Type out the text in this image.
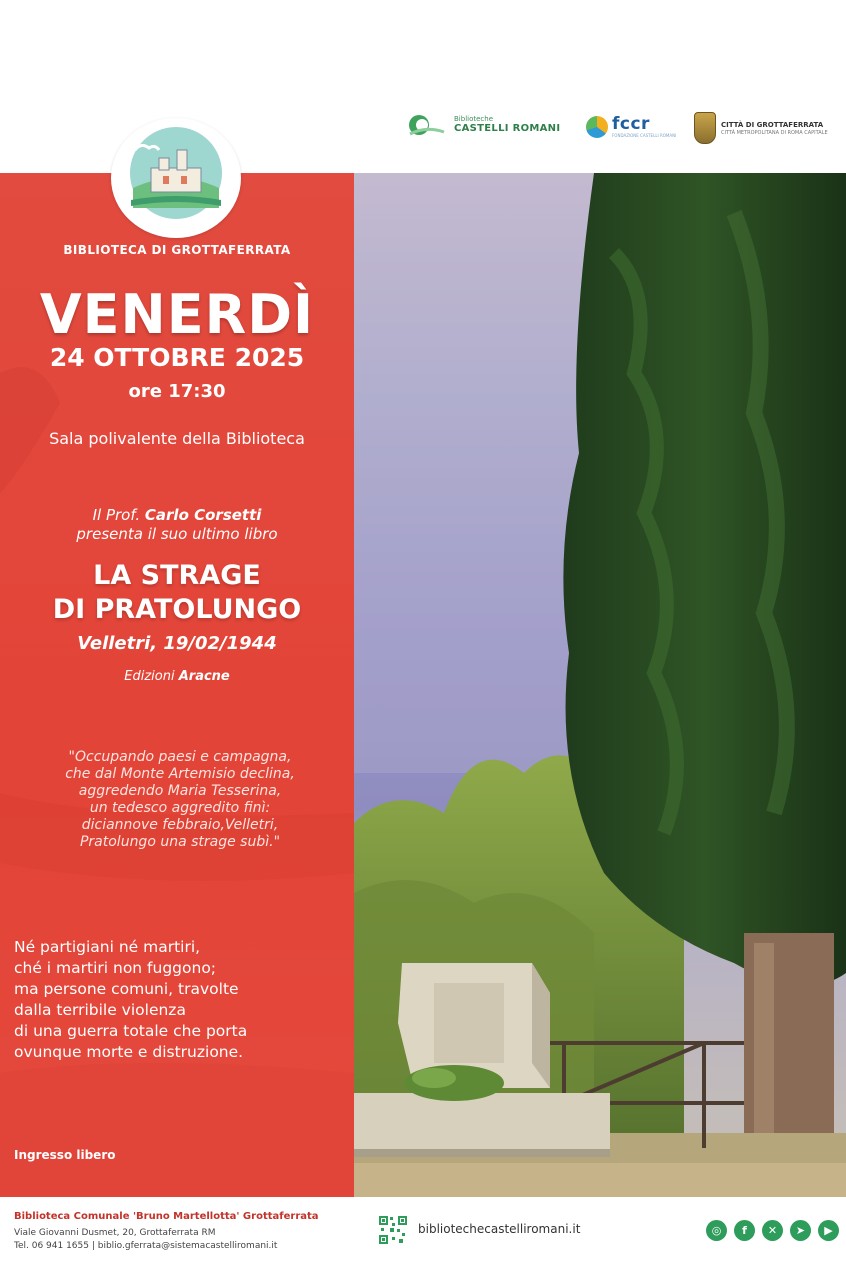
Biblioteche
CASTELLI ROMANI	fccr
FONDAZIONE CASTELLI ROMANI
CITTÀ DI GROTTAFERRATA
CITTÀ METROPOLITANA DI ROMA CAPITALE
BIBLIOTECA DI GROTTAFERRATA
VENERDÌ
24 OTTOBRE 2025
ore 17:30
Sala polivalente della Biblioteca
Il Prof. Carlo Corsetti
presenta il suo ultimo libro
LA STRAGE
DI PRATOLUNGO
Velletri, 19/02/1944
Edizioni Aracne
"Occupando paesi e campagna,
che dal Monte Artemisio declina,
aggredendo Maria Tesserina,
un tedesco aggredito finì:
diciannove febbraio,Velletri,
Pratolungo una strage subì."
Né partigiani né martiri,
ché i martiri non fuggono;
ma persone comuni, travolte
dalla terribile violenza
di una guerra totale che porta
ovunque morte e distruzione.
Ingresso libero
Biblioteca Comunale 'Bruno Martellotta' Grottaferrata
Viale Giovanni Dusmet, 20, Grottaferrata RM
Tel. 06 941 1655 | biblio.gferrata@sistemacastelliromani.it
bibliotechecastelliromani.it	◎	f	✕	➤	▶
